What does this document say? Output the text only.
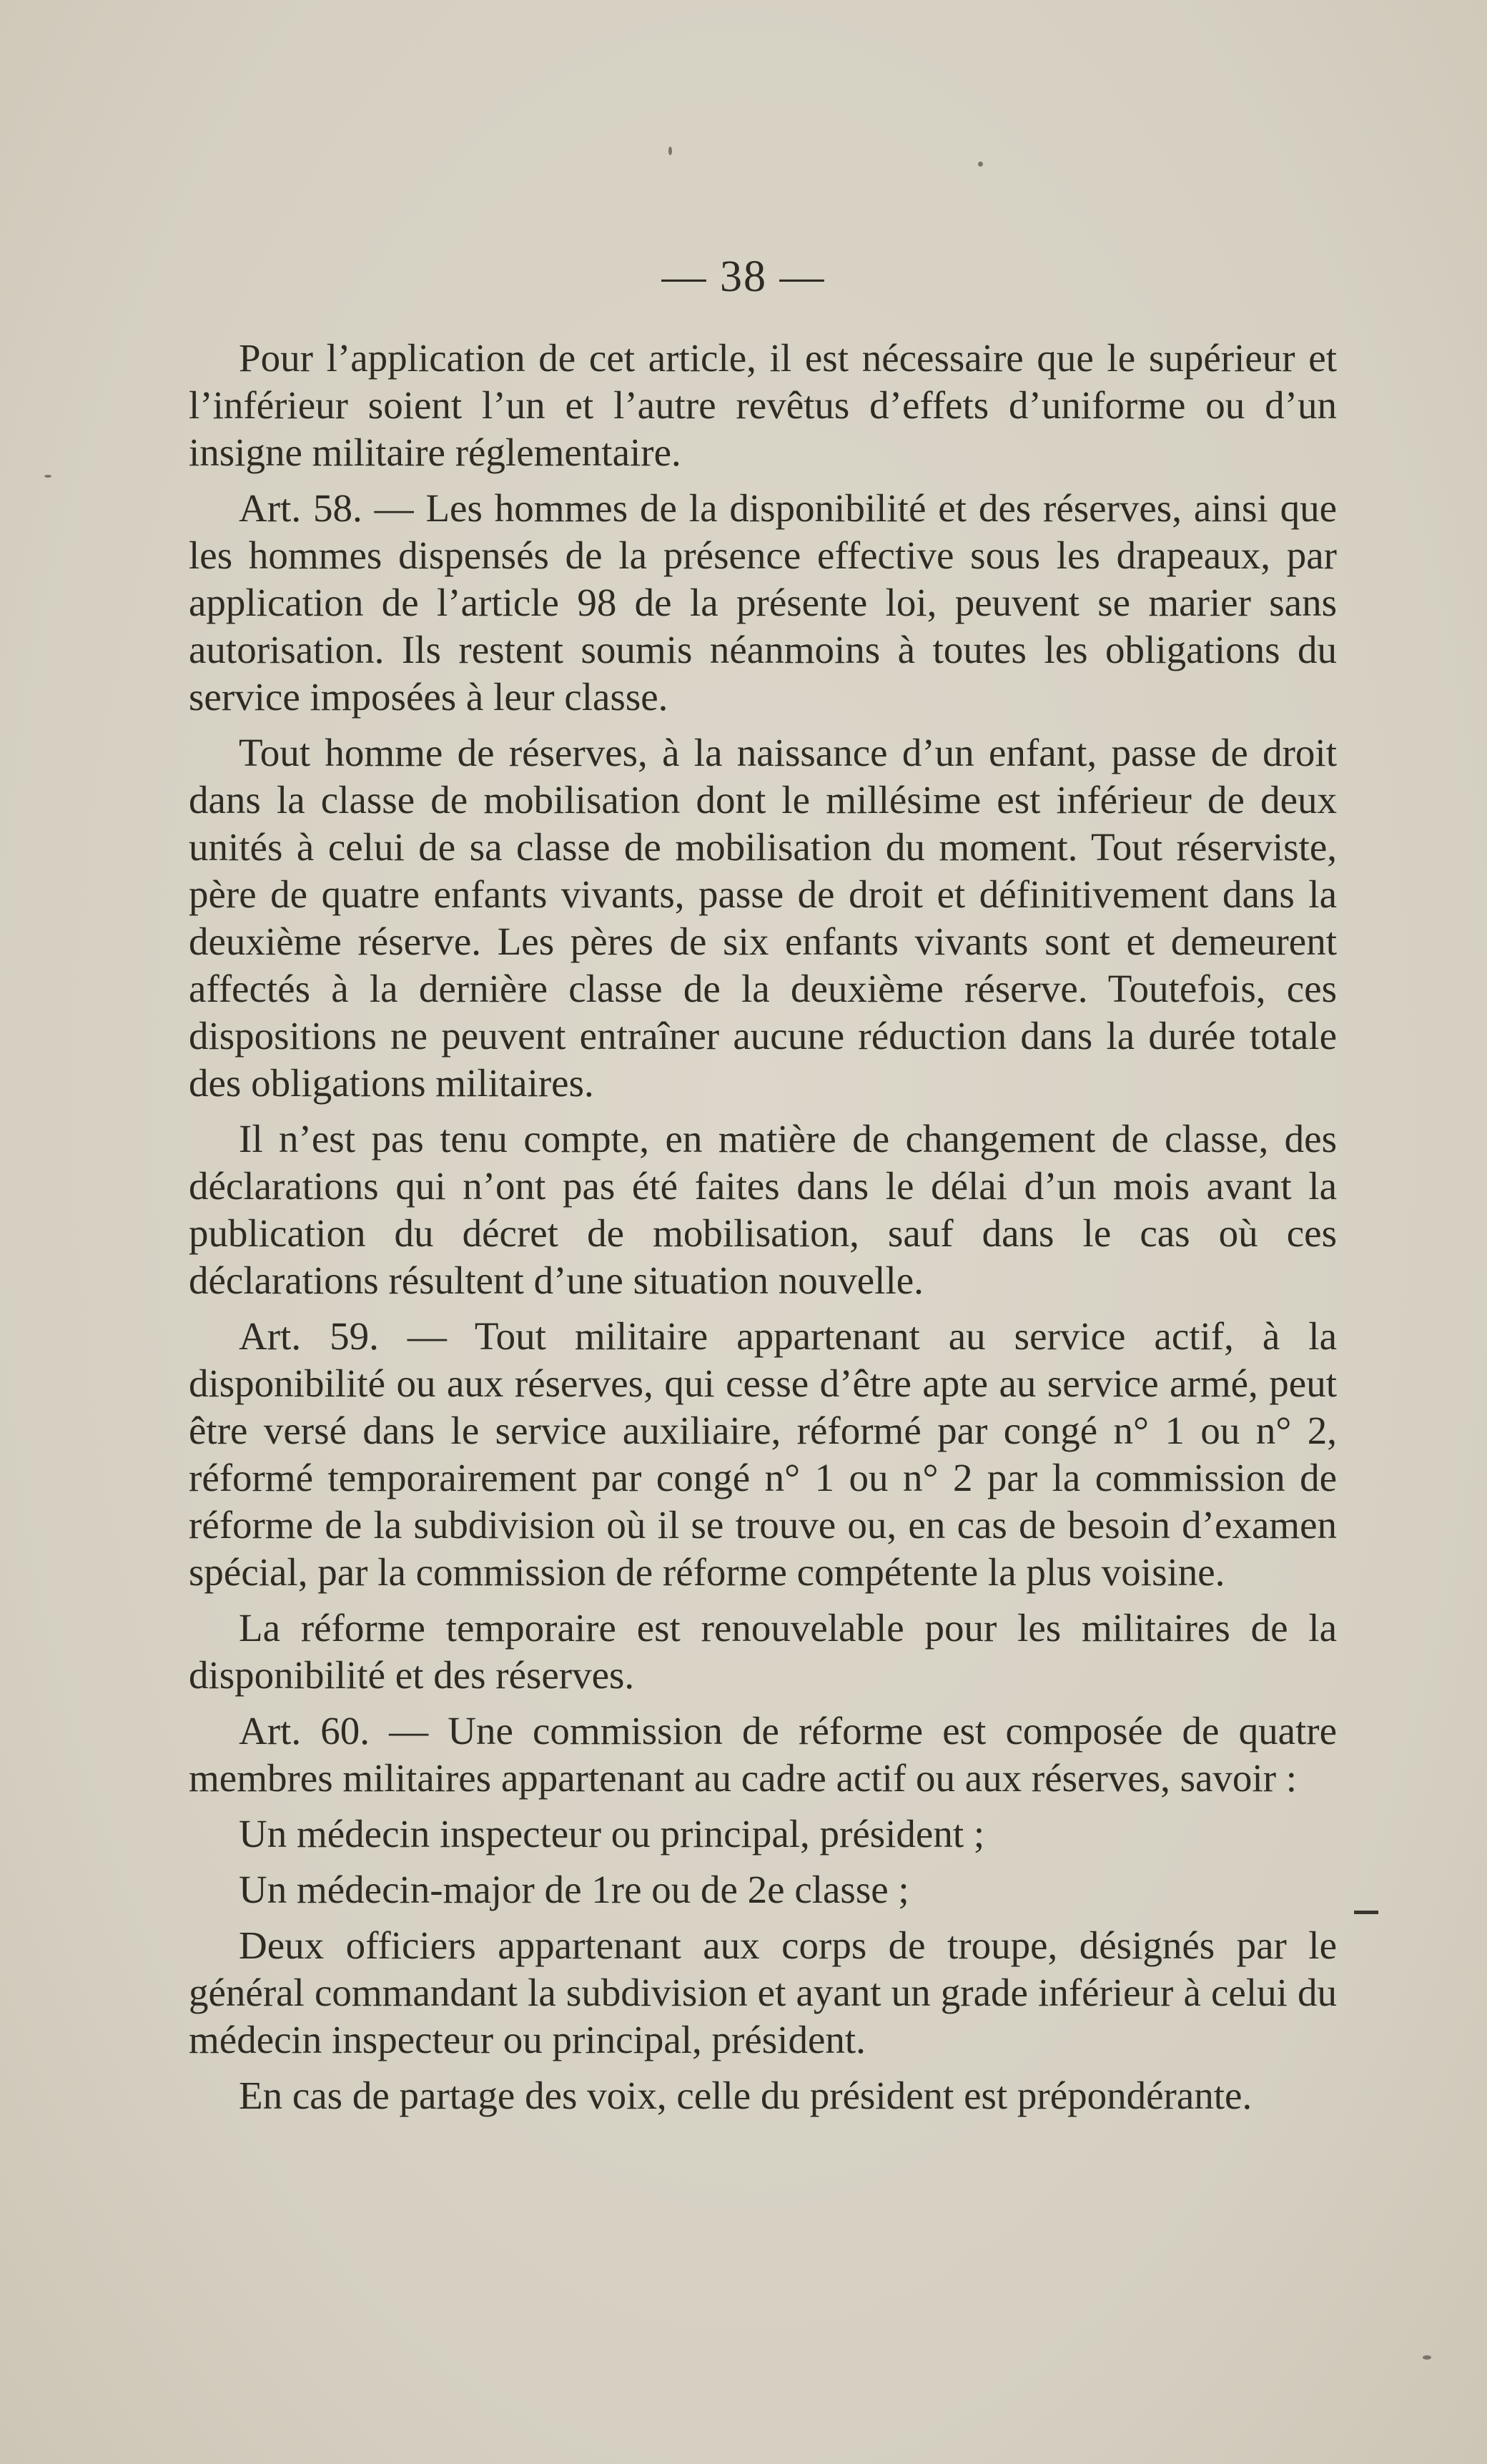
— 38 —

Pour l’application de cet article, il est nécessaire que le supérieur et l’inférieur soient l’un et l’autre revêtus d’effets d’uniforme ou d’un insigne militaire réglementaire.

Art. 58. — Les hommes de la disponibilité et des réserves, ainsi que les hommes dispensés de la présence effective sous les drapeaux, par application de l’article 98 de la présente loi, peuvent se marier sans autorisation. Ils restent soumis néanmoins à toutes les obligations du service imposées à leur classe.

Tout homme de réserves, à la naissance d’un enfant, passe de droit dans la classe de mobilisation dont le millésime est inférieur de deux unités à celui de sa classe de mobilisation du moment. Tout réserviste, père de quatre enfants vivants, passe de droit et définitivement dans la deuxième réserve. Les pères de six enfants vivants sont et demeurent affectés à la dernière classe de la deuxième réserve. Toutefois, ces dispositions ne peuvent entraîner aucune réduction dans la durée totale des obligations militaires.

Il n’est pas tenu compte, en matière de changement de classe, des déclarations qui n’ont pas été faites dans le délai d’un mois avant la publication du décret de mobilisation, sauf dans le cas où ces déclarations résultent d’une situation nouvelle.

Art. 59. — Tout militaire appartenant au service actif, à la disponibilité ou aux réserves, qui cesse d’être apte au service armé, peut être versé dans le service auxiliaire, réformé par congé n° 1 ou n° 2, réformé temporairement par congé n° 1 ou n° 2 par la commission de réforme de la subdivision où il se trouve ou, en cas de besoin d’examen spécial, par la commission de réforme compétente la plus voisine.

La réforme temporaire est renouvelable pour les militaires de la disponibilité et des réserves.

Art. 60. — Une commission de réforme est composée de quatre membres militaires appartenant au cadre actif ou aux réserves, savoir :

Un médecin inspecteur ou principal, président ;

Un médecin-major de 1re ou de 2e classe ;

Deux officiers appartenant aux corps de troupe, désignés par le général commandant la subdivision et ayant un grade inférieur à celui du médecin inspecteur ou principal, président.

En cas de partage des voix, celle du président est prépondérante.
